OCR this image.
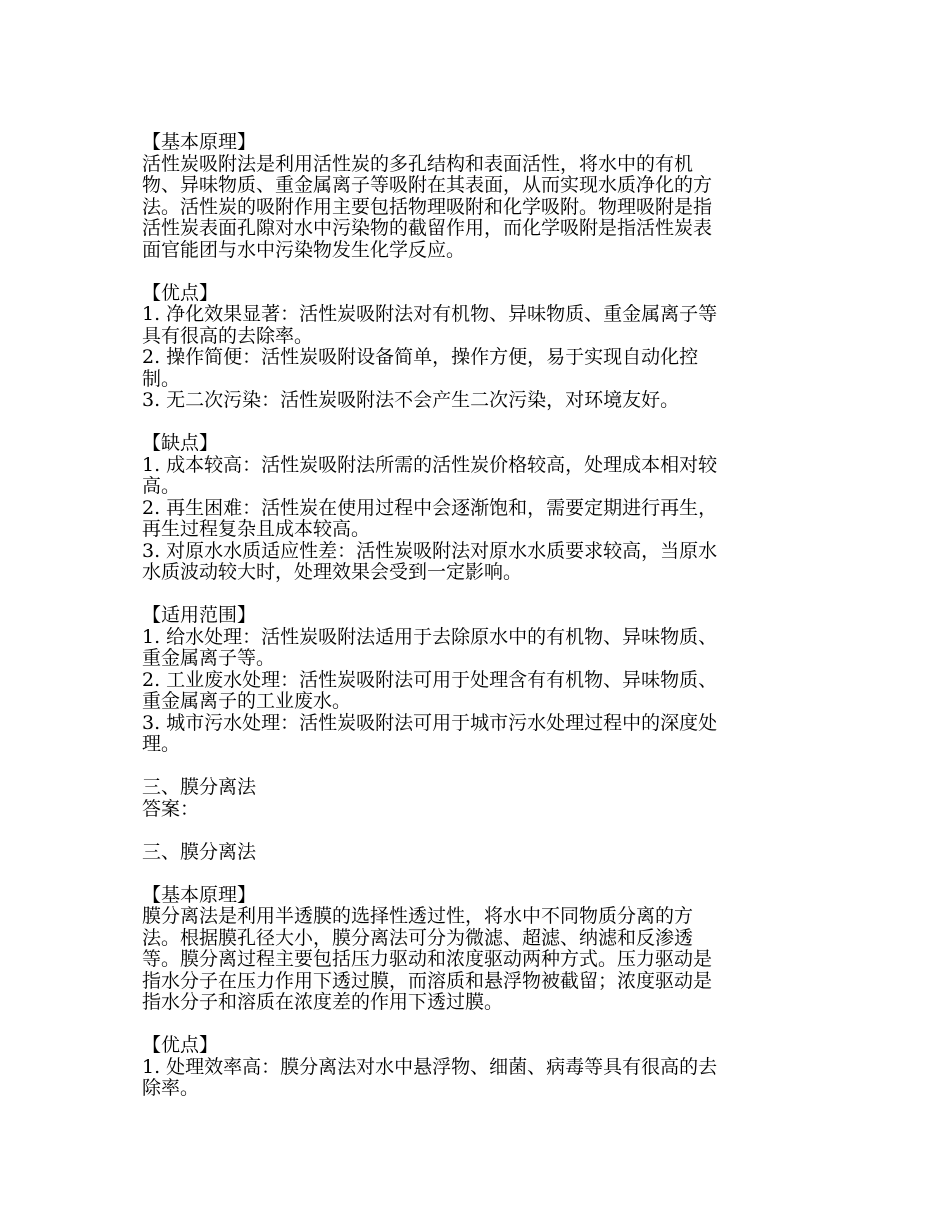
【基本原理】
活性炭吸附法是利用活性炭的多孔结构和表面活性，将水中的有机
物、异味物质、重金属离子等吸附在其表面，从而实现水质净化的方
法。活性炭的吸附作用主要包括物理吸附和化学吸附。物理吸附是指
活性炭表面孔隙对水中污染物的截留作用，而化学吸附是指活性炭表
面官能团与水中污染物发生化学反应。
【优点】
1. 净化效果显著：活性炭吸附法对有机物、异味物质、重金属离子等
具有很高的去除率。
2. 操作简便：活性炭吸附设备简单，操作方便，易于实现自动化控
制。
3. 无二次污染：活性炭吸附法不会产生二次污染，对环境友好。
【缺点】
1. 成本较高：活性炭吸附法所需的活性炭价格较高，处理成本相对较
高。
2. 再生困难：活性炭在使用过程中会逐渐饱和，需要定期进行再生，
再生过程复杂且成本较高。
3. 对原水水质适应性差：活性炭吸附法对原水水质要求较高，当原水
水质波动较大时，处理效果会受到一定影响。
【适用范围】
1. 给水处理：活性炭吸附法适用于去除原水中的有机物、异味物质、
重金属离子等。
2. 工业废水处理：活性炭吸附法可用于处理含有有机物、异味物质、
重金属离子的工业废水。
3. 城市污水处理：活性炭吸附法可用于城市污水处理过程中的深度处
理。
三、膜分离法
答案：
三、膜分离法
【基本原理】
膜分离法是利用半透膜的选择性透过性，将水中不同物质分离的方
法。根据膜孔径大小，膜分离法可分为微滤、超滤、纳滤和反渗透
等。膜分离过程主要包括压力驱动和浓度驱动两种方式。压力驱动是
指水分子在压力作用下透过膜，而溶质和悬浮物被截留；浓度驱动是
指水分子和溶质在浓度差的作用下透过膜。
【优点】
1. 处理效率高：膜分离法对水中悬浮物、细菌、病毒等具有很高的去
除率。
